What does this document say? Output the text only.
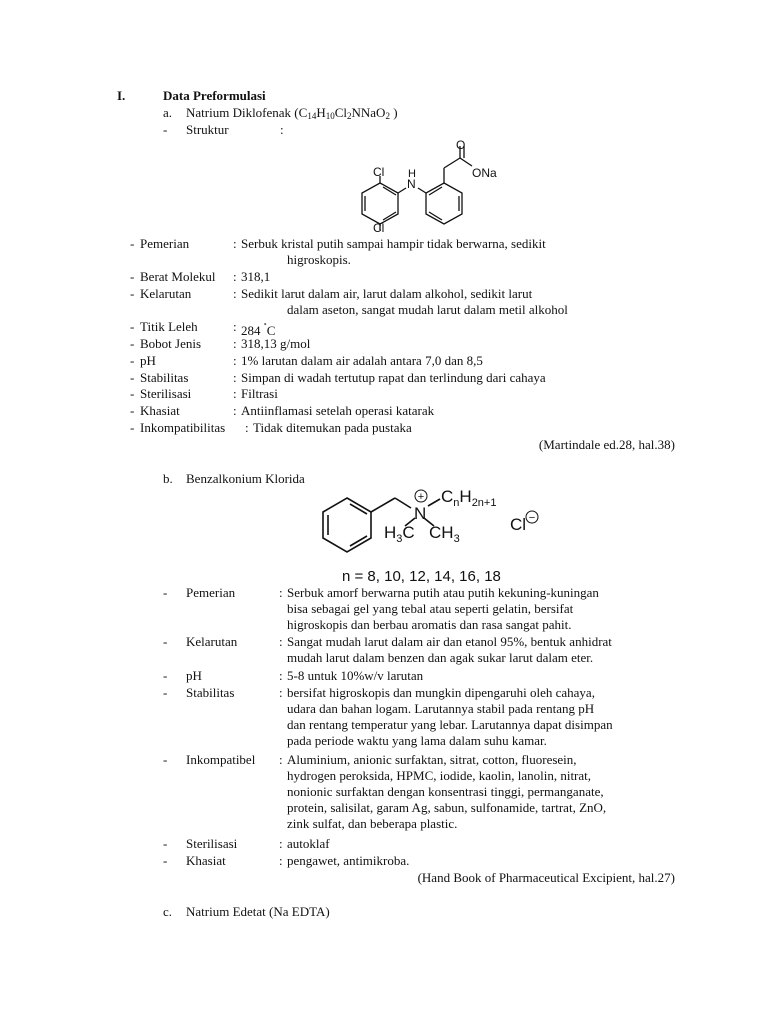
I.	Data Preformulasi
a. Natrium Diklofenak ($C_{14}H_{10}Cl_2NNaO_2$ )
- Struktur	:
Cl
N
H
O
ONa
Cl
- Pemerian	: Serbuk kristal putih sampai hampir tidak berwarna, sedikit
higroskopis.
- Berat Molekul : 318,1
- Kelarutan	: Sedikit larut dalam air, larut dalam alkohol, sedikit larut
dalam aseton, sangat mudah larut dalam metil alkohol
- Titik Leleh	: 284 ˚C
- Bobot Jenis : 318,13 g/mol
- pH	: 1% larutan dalam air adalah antara 7,0 dan 8,5
- Stabilitas	: Simpan di wadah tertutup rapat dan terlindung dari cahaya
- Sterilisasi	: Filtrasi
- Khasiat	: Antiinflamasi setelah operasi katarak
- Inkompatibilitas : Tidak ditemukan pada pustaka
(Martindale ed.28, hal.38)
b. Benzalkonium Klorida
+
N
$C_nH_{2n+1}$
$H_3C$ $CH_3$
Cl −
n = 8, 10, 12, 14, 16, 18
- Pemerian	: Serbuk amorf berwarna putih atau putih kekuning-kuningan
bisa sebagai gel yang tebal atau seperti gelatin, bersifat
higroskopis dan berbau aromatis dan rasa sangat pahit.
- Kelarutan	: Sangat mudah larut dalam air dan etanol 95%, bentuk anhidrat
mudah larut dalam benzen dan agak sukar larut dalam eter.
- pH	: 5-8 untuk 10%w/v larutan
- Stabilitas	: bersifat higroskopis dan mungkin dipengaruhi oleh cahaya,
udara dan bahan logam. Larutannya stabil pada rentang pH
dan rentang temperatur yang lebar. Larutannya dapat disimpan
pada periode waktu yang lama dalam suhu kamar.
- Inkompatibel : Aluminium, anionic surfaktan, sitrat, cotton, fluoresein,
hydrogen peroksida, HPMC, iodide, kaolin, lanolin, nitrat,
nonionic surfaktan dengan konsentrasi tinggi, permanganate,
protein, salisilat, garam Ag, sabun, sulfonamide, tartrat, ZnO,
zink sulfat, dan beberapa plastic.
- Sterilisasi	: autoklaf
- Khasiat	: pengawet, antimikroba.
(Hand Book of Pharmaceutical Excipient, hal.27)
c. Natrium Edetat (Na EDTA)
